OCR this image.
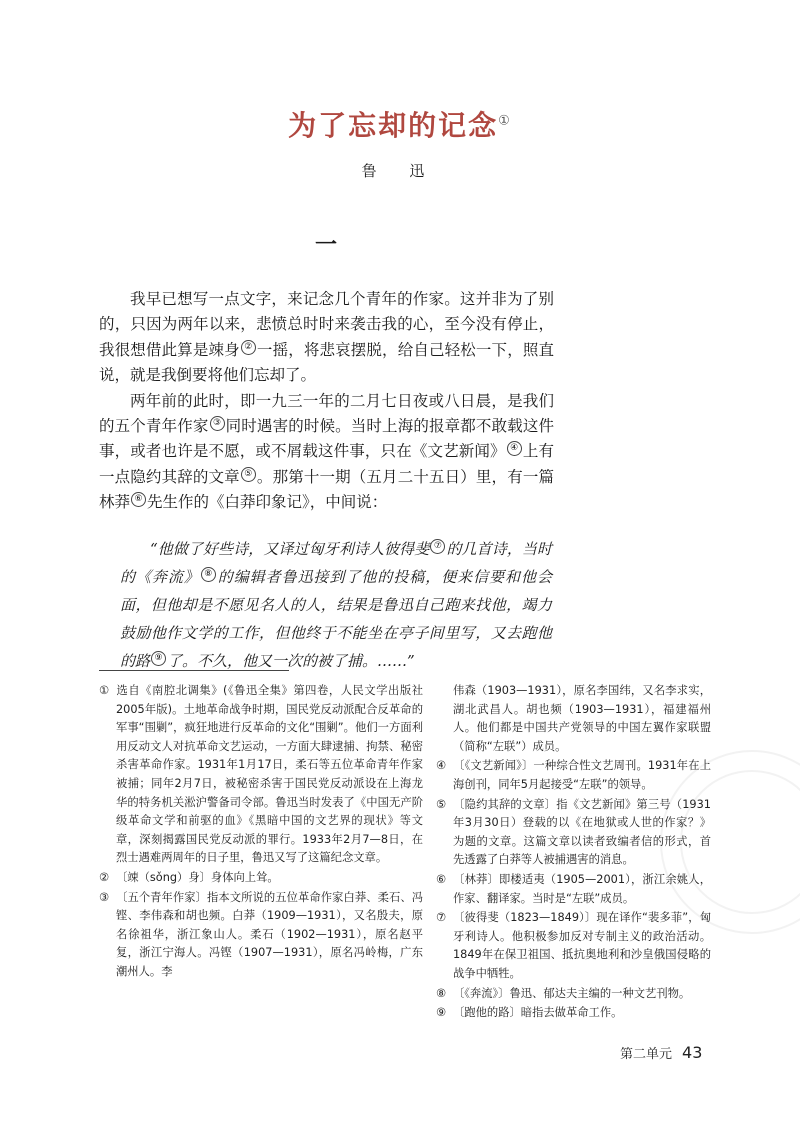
为了忘却的记念①
鲁 迅
一

我早已想写一点文字，来记念几个青年的作家。这并非为了别的，只因为两年以来，悲愤总时时来袭击我的心，至今没有停止，我很想借此算是竦身 ② 一摇，将悲哀摆脱，给自己轻松一下，照直说，就是我倒要将他们忘却了。

两年前的此时，即一九三一年的二月七日夜或八日晨，是我们的五个青年作家 ③ 同时遇害的时候。当时上海的报章都不敢载这件事，或者也许是不愿，或不屑载这件事，只在《文艺新闻》 ④ 上有一点隐约其辞的文章 ⑤ 。那第十一期（五月二十五日）里，有一篇林莽 ⑥ 先生作的《白莽印象记》，中间说：

“他做了好些诗，又译过匈牙利诗人彼得斐 ⑦ 的几首诗，当时的《奔流》 ⑧ 的编辑者鲁迅接到了他的投稿，便来信要和他会面，但他却是不愿见名人的人，结果是鲁迅自己跑来找他，竭力鼓励他作文学的工作，但他终于不能坐在亭子间里写，又去跑他的路 ⑨ 了。不久，他又一次的被了捕。……”

① 选自《南腔北调集》(《鲁迅全集》第四卷，人民文学出版社2005年版)。土地革命战争时期，国民党反动派配合反革命的军事“围剿”，疯狂地进行反革命的文化“围剿”。他们一方面利用反动文人对抗革命文艺运动，一方面大肆逮捕、拘禁、秘密杀害革命作家。1931年1月17日，柔石等五位革命青年作家被捕；同年2月7日，被秘密杀害于国民党反动派设在上海龙华的特务机关淞沪警备司令部。鲁迅当时发表了《中国无产阶级革命文学和前驱的血》《黑暗中国的文艺界的现状》等文章，深刻揭露国民党反动派的罪行。1933年2月7—8日，在烈士遇难两周年的日子里，鲁迅又写了这篇纪念文章。
② 〔竦（sǒng）身〕身体向上耸。
③ 〔五个青年作家〕指本文所说的五位革命作家白莽、柔石、冯铿、李伟森和胡也频。白莽（1909—1931），又名殷夫，原名徐祖华，浙江象山人。柔石（1902—1931），原名赵平复，浙江宁海人。冯铿（1907—1931），原名冯岭梅，广东潮州人。李
伟森（1903—1931），原名李国纬，又名李求实，湖北武昌人。胡也频（1903—1931），福建福州人。他们都是中国共产党领导的中国左翼作家联盟（简称“左联”）成员。
④ 〔《文艺新闻》〕一种综合性文艺周刊。1931年在上海创刊，同年5月起接受“左联”的领导。
⑤ 〔隐约其辞的文章〕指《文艺新闻》第三号（1931年3月30日）登载的以《在地狱或人世的作家？》为题的文章。这篇文章以读者致编者信的形式，首先透露了白莽等人被捕遇害的消息。
⑥ 〔林莽〕即楼适夷（1905—2001），浙江余姚人，作家、翻译家。当时是“左联”成员。
⑦ 〔彼得斐（1823—1849）〕现在译作“裴多菲”，匈牙利诗人。他积极参加反对专制主义的政治活动。1849年在保卫祖国、抵抗奥地利和沙皇俄国侵略的战争中牺牲。
⑧ 〔《奔流》〕鲁迅、郁达夫主编的一种文艺刊物。
⑨ 〔跑他的路〕暗指去做革命工作。
第二单元 43
